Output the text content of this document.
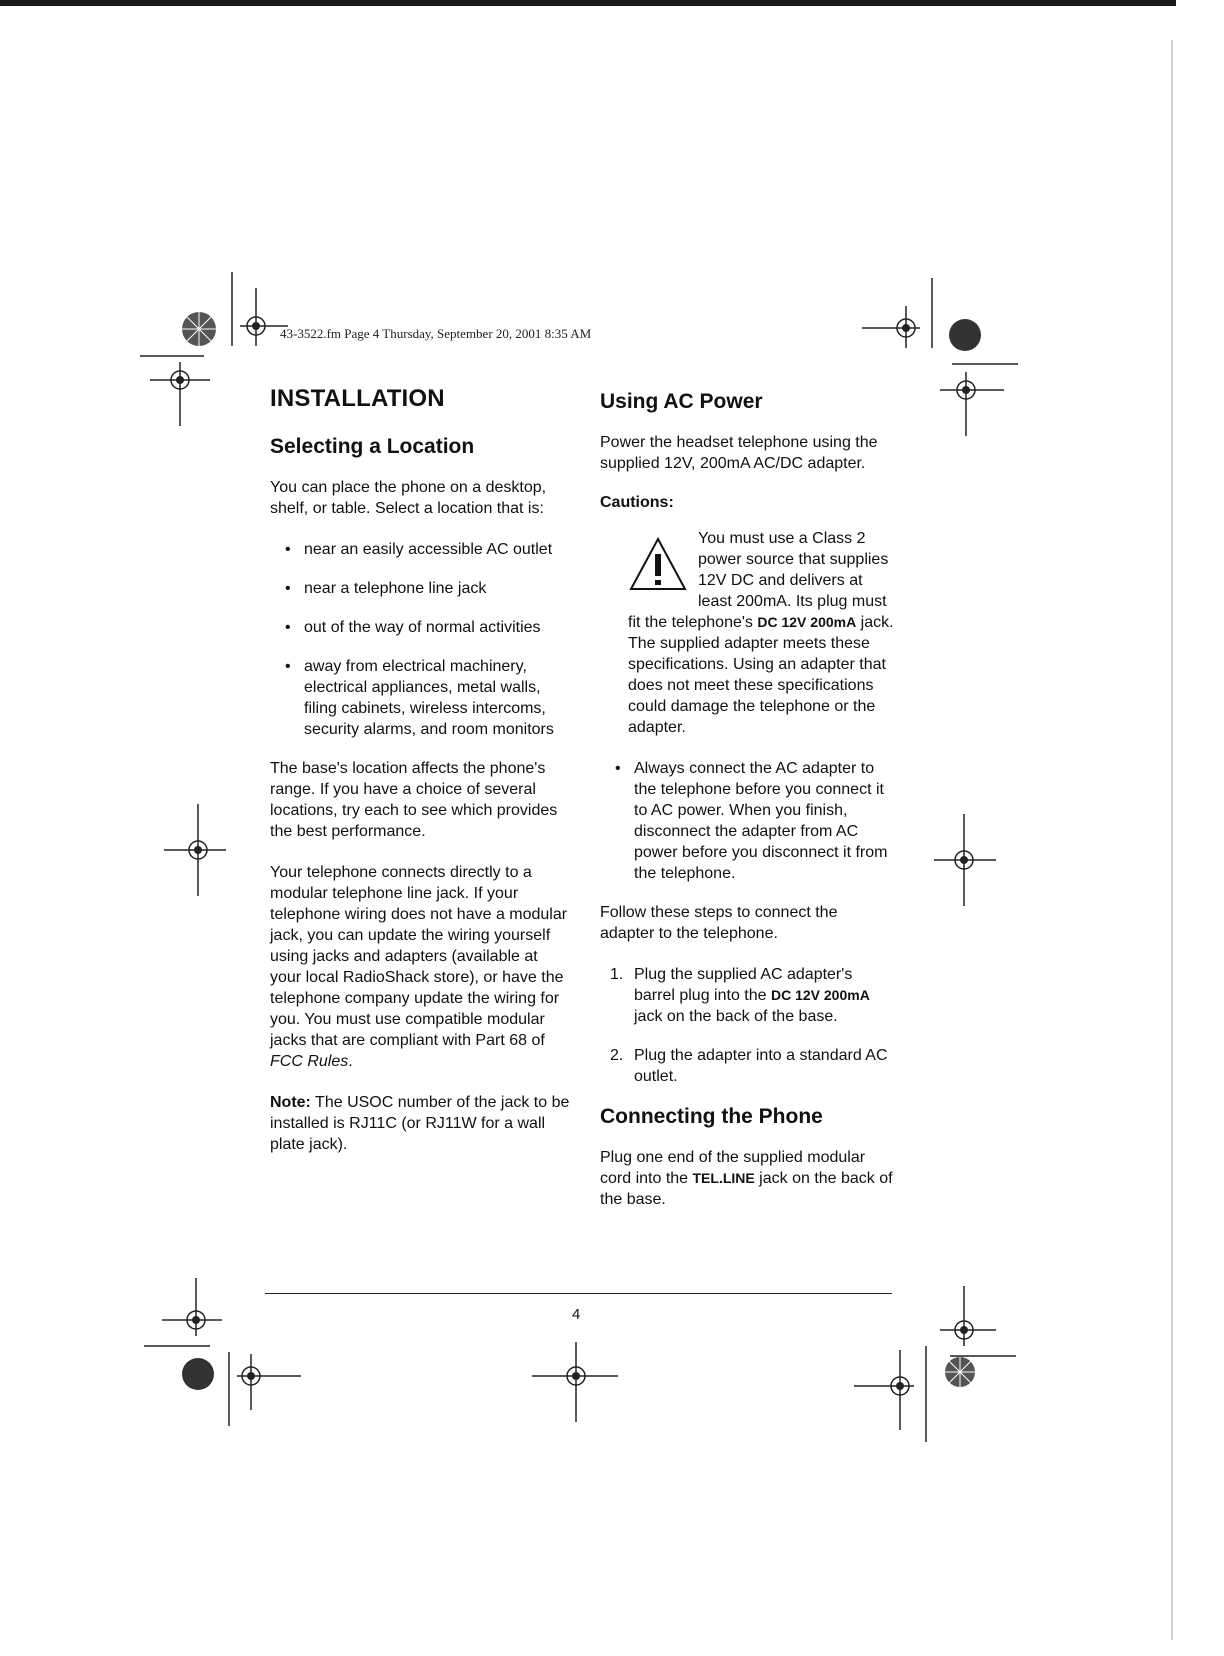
43-3522.fm Page 4 Thursday, September 20, 2001 8:35 AM
INSTALLATION
Selecting a Location

You can place the phone on a desktop, shelf, or table. Select a location that is:

• near an easily accessible AC outlet
• near a telephone line jack
• out of the way of normal activities
• away from electrical machinery, electrical appliances, metal walls, filing cabinets, wireless intercoms, security alarms, and room monitors

The base's location affects the phone's range. If you have a choice of several locations, try each to see which provides the best performance.

Your telephone connects directly to a modular telephone line jack. If your telephone wiring does not have a modular jack, you can update the wiring yourself using jacks and adapters (available at your local RadioShack store), or have the telephone company update the wiring for you. You must use compatible modular jacks that are compliant with Part 68 of FCC Rules.

Note: The USOC number of the jack to be installed is RJ11C (or RJ11W for a wall plate jack).

Using AC Power

Power the headset telephone using the supplied 12V, 200mA AC/DC adapter.

Cautions:
You must use a Class 2 power source that supplies 12V DC and delivers at least 200mA. Its plug must fit the telephone's DC 12V 200mA jack. The supplied adapter meets these specifications. Using an adapter that does not meet these specifications could damage the telephone or the adapter.
• Always connect the AC adapter to the telephone before you connect it to AC power. When you finish, disconnect the adapter from AC power before you disconnect it from the telephone.

Follow these steps to connect the adapter to the telephone.

1. Plug the supplied AC adapter's barrel plug into the DC 12V 200mA jack on the back of the base.
2. Plug the adapter into a standard AC outlet.
Connecting the Phone

Plug one end of the supplied modular cord into the TEL.LINE jack on the back of the base.

4
